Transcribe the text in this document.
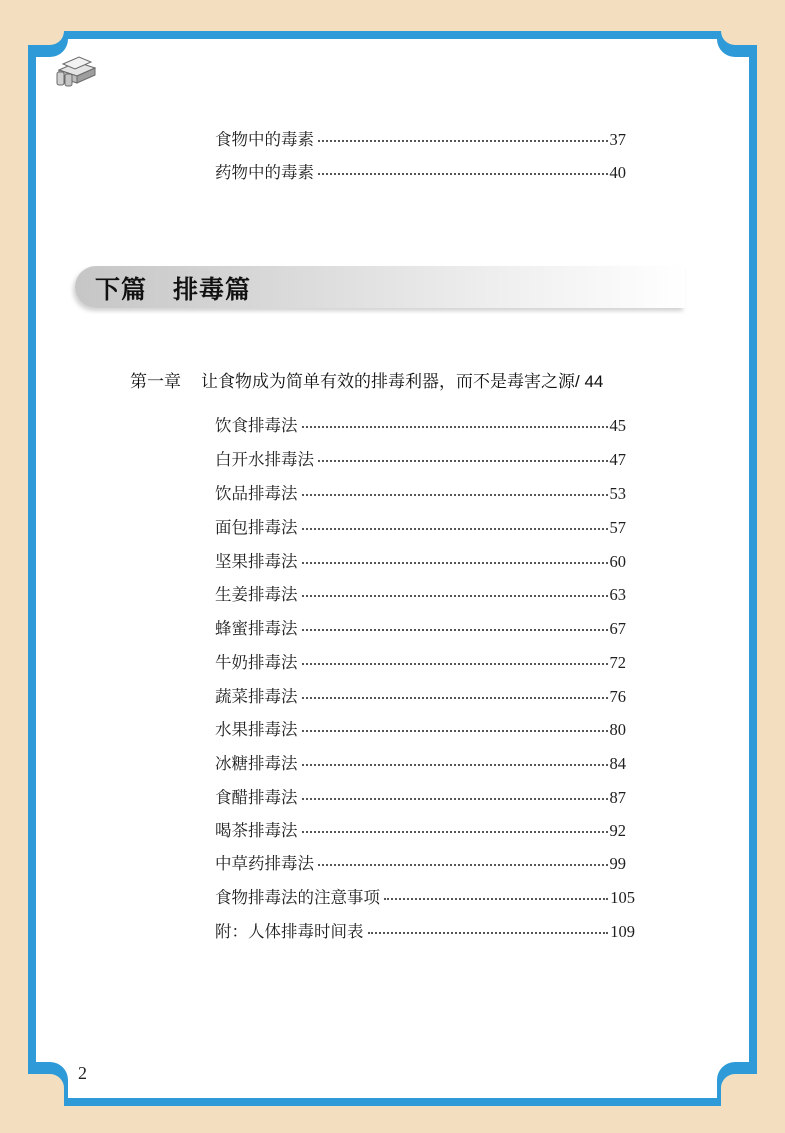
食物中的毒素	37
药物中的毒素	40
下篇　排毒篇
第一章 让食物成为简单有效的排毒利器，而不是毒害之源/ 44
饮食排毒法	45
白开水排毒法	47
饮品排毒法	53
面包排毒法	57
坚果排毒法	60
生姜排毒法	63
蜂蜜排毒法	67
牛奶排毒法	72
蔬菜排毒法	76
水果排毒法	80
冰糖排毒法	84
食醋排毒法	87
喝茶排毒法	92
中草药排毒法	99
食物排毒法的注意事项	105
附：人体排毒时间表	109
2
